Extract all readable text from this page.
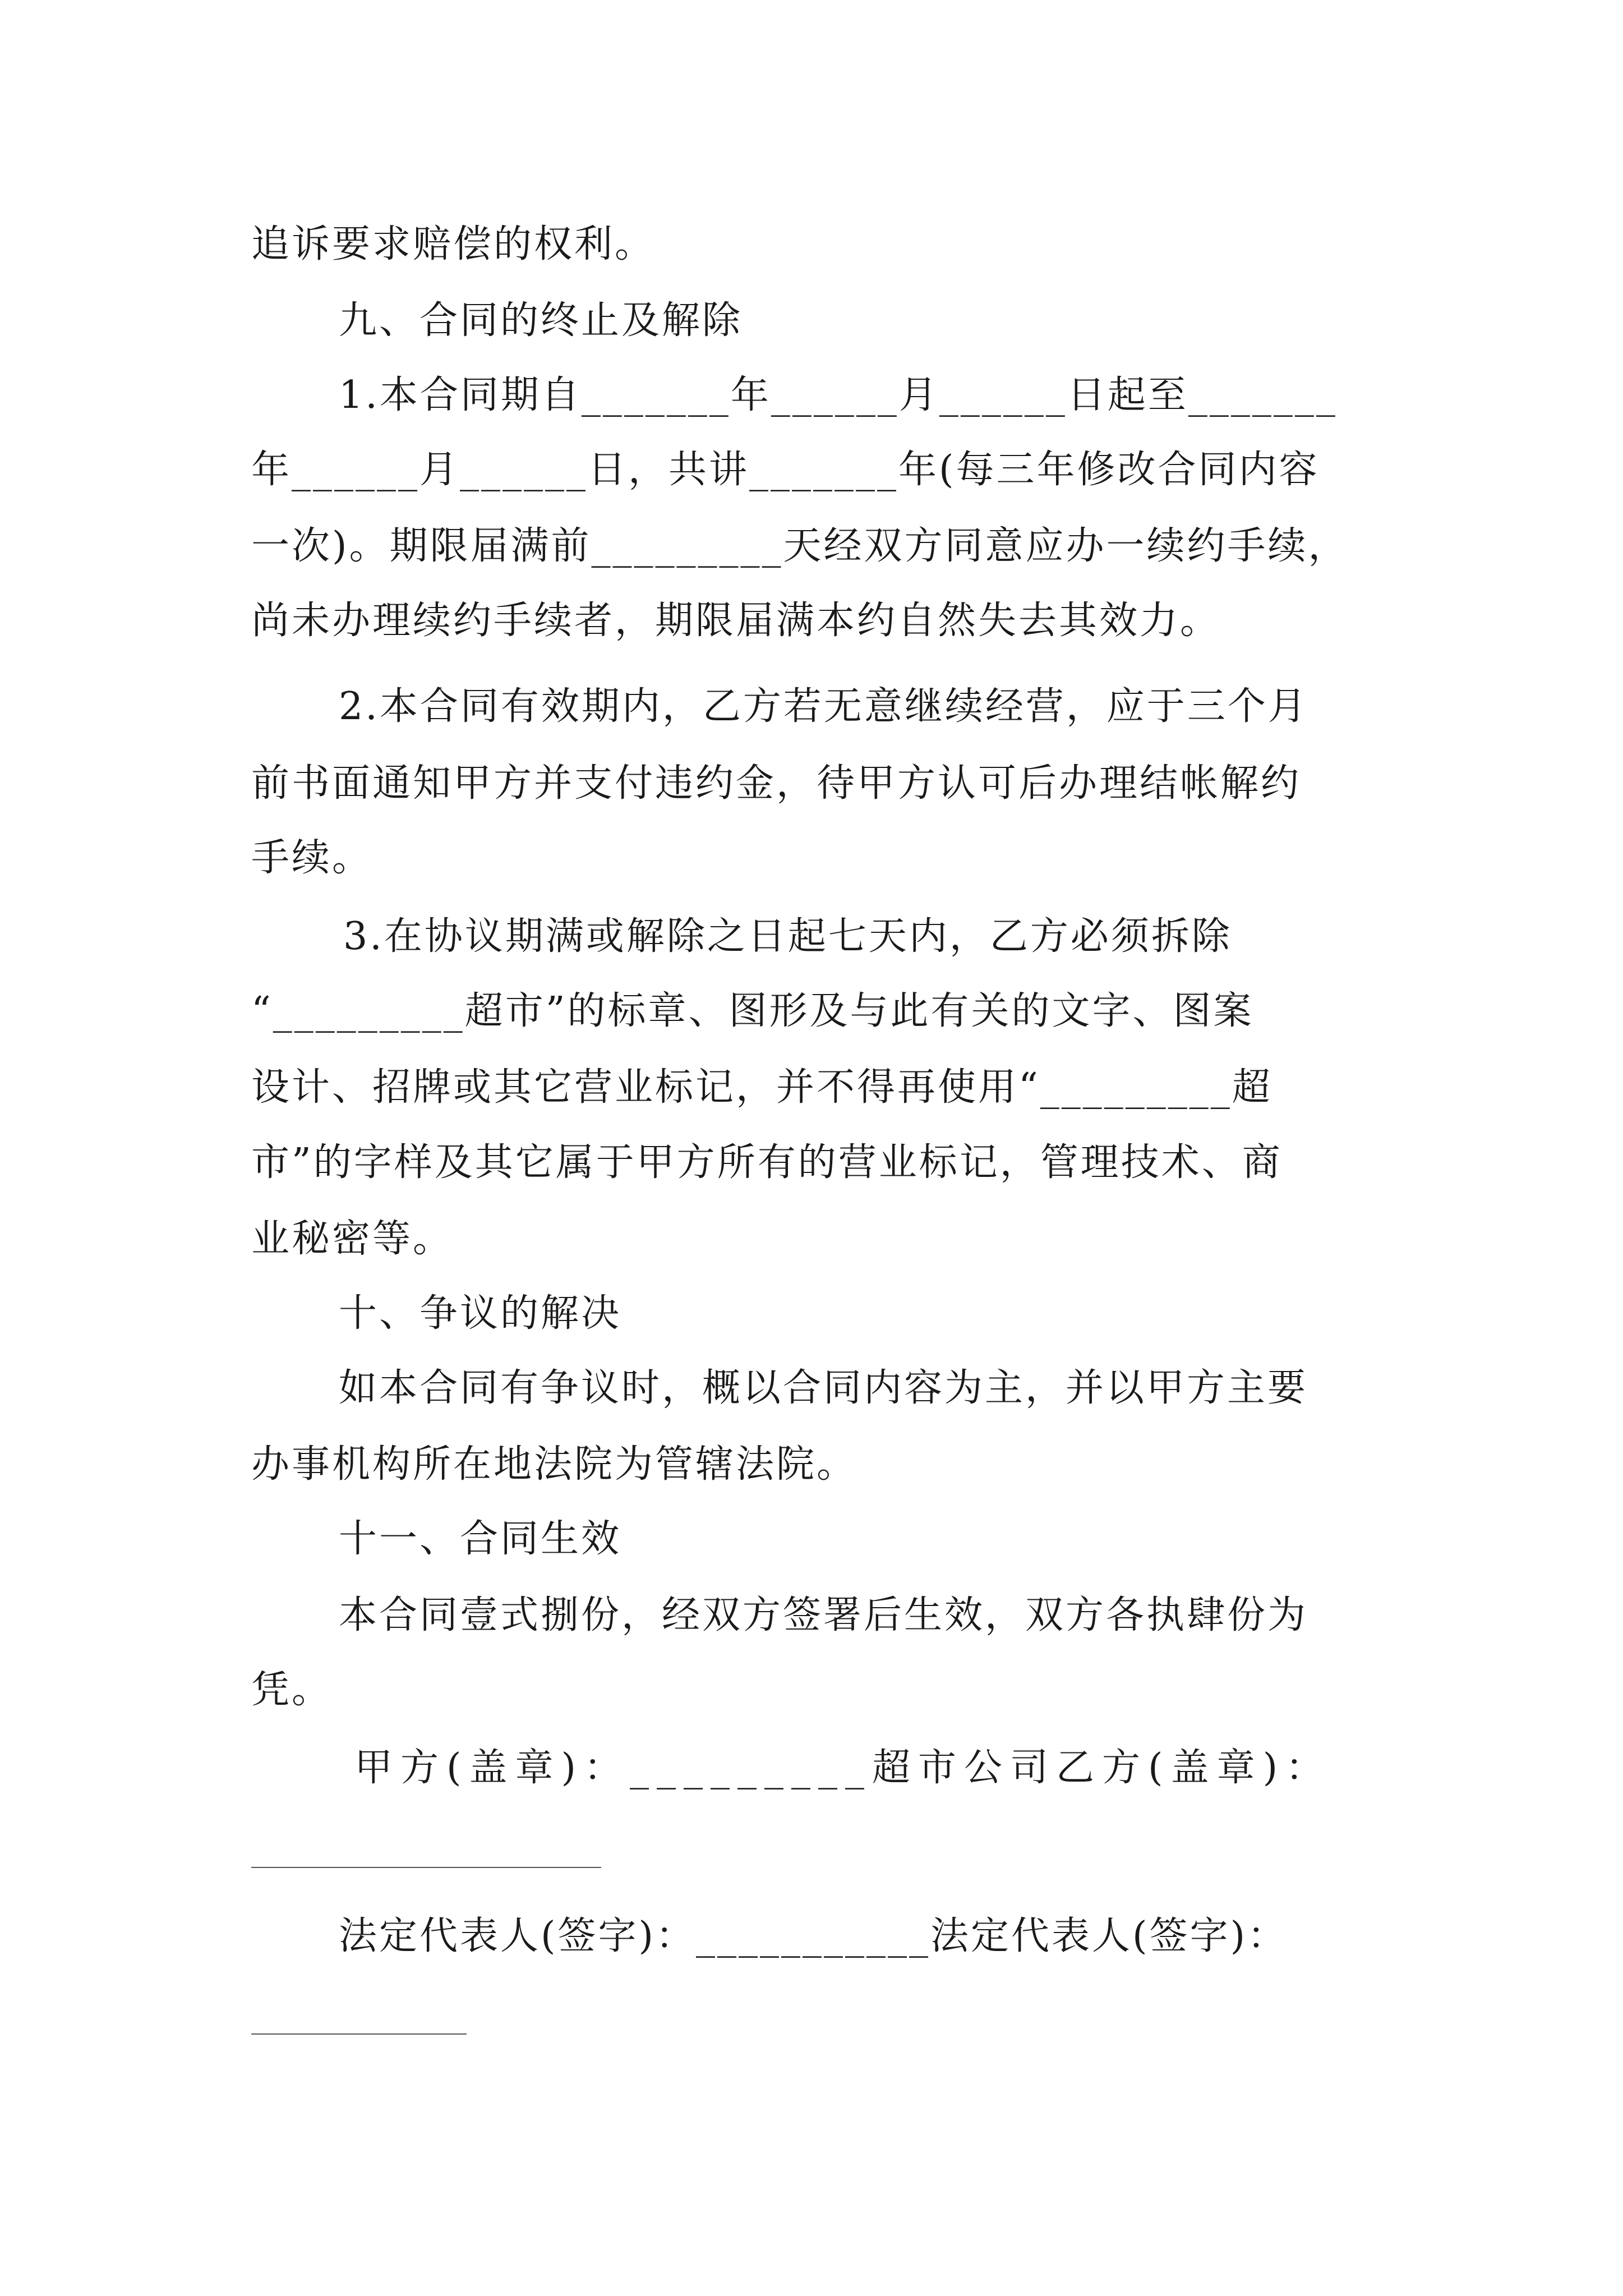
追诉要求赔偿的权利。
九、合同的终止及解除
1.本合同期自_______年______月______日起至_______
年______月______日，共讲_______年(每三年修改合同内容
一次)。期限届满前_________天经双方同意应办一续约手续，
尚未办理续约手续者，期限届满本约自然失去其效力。
2.本合同有效期内，乙方若无意继续经营，应于三个月
前书面通知甲方并支付违约金，待甲方认可后办理结帐解约
手续。
3.在协议期满或解除之日起七天内，乙方必须拆除
“_________超市”的标章、图形及与此有关的文字、图案
设计、招牌或其它营业标记，并不得再使用“_________超
市”的字样及其它属于甲方所有的营业标记，管理技术、商
业秘密等。
十、争议的解决
如本合同有争议时，概以合同内容为主，并以甲方主要
办事机构所在地法院为管辖法院。
十一、合同生效
本合同壹式捌份，经双方签署后生效，双方各执肆份为
凭。
甲方(盖章)：_________超市公司乙方(盖章)：
法定代表人(签字)：___________法定代表人(签字)：
